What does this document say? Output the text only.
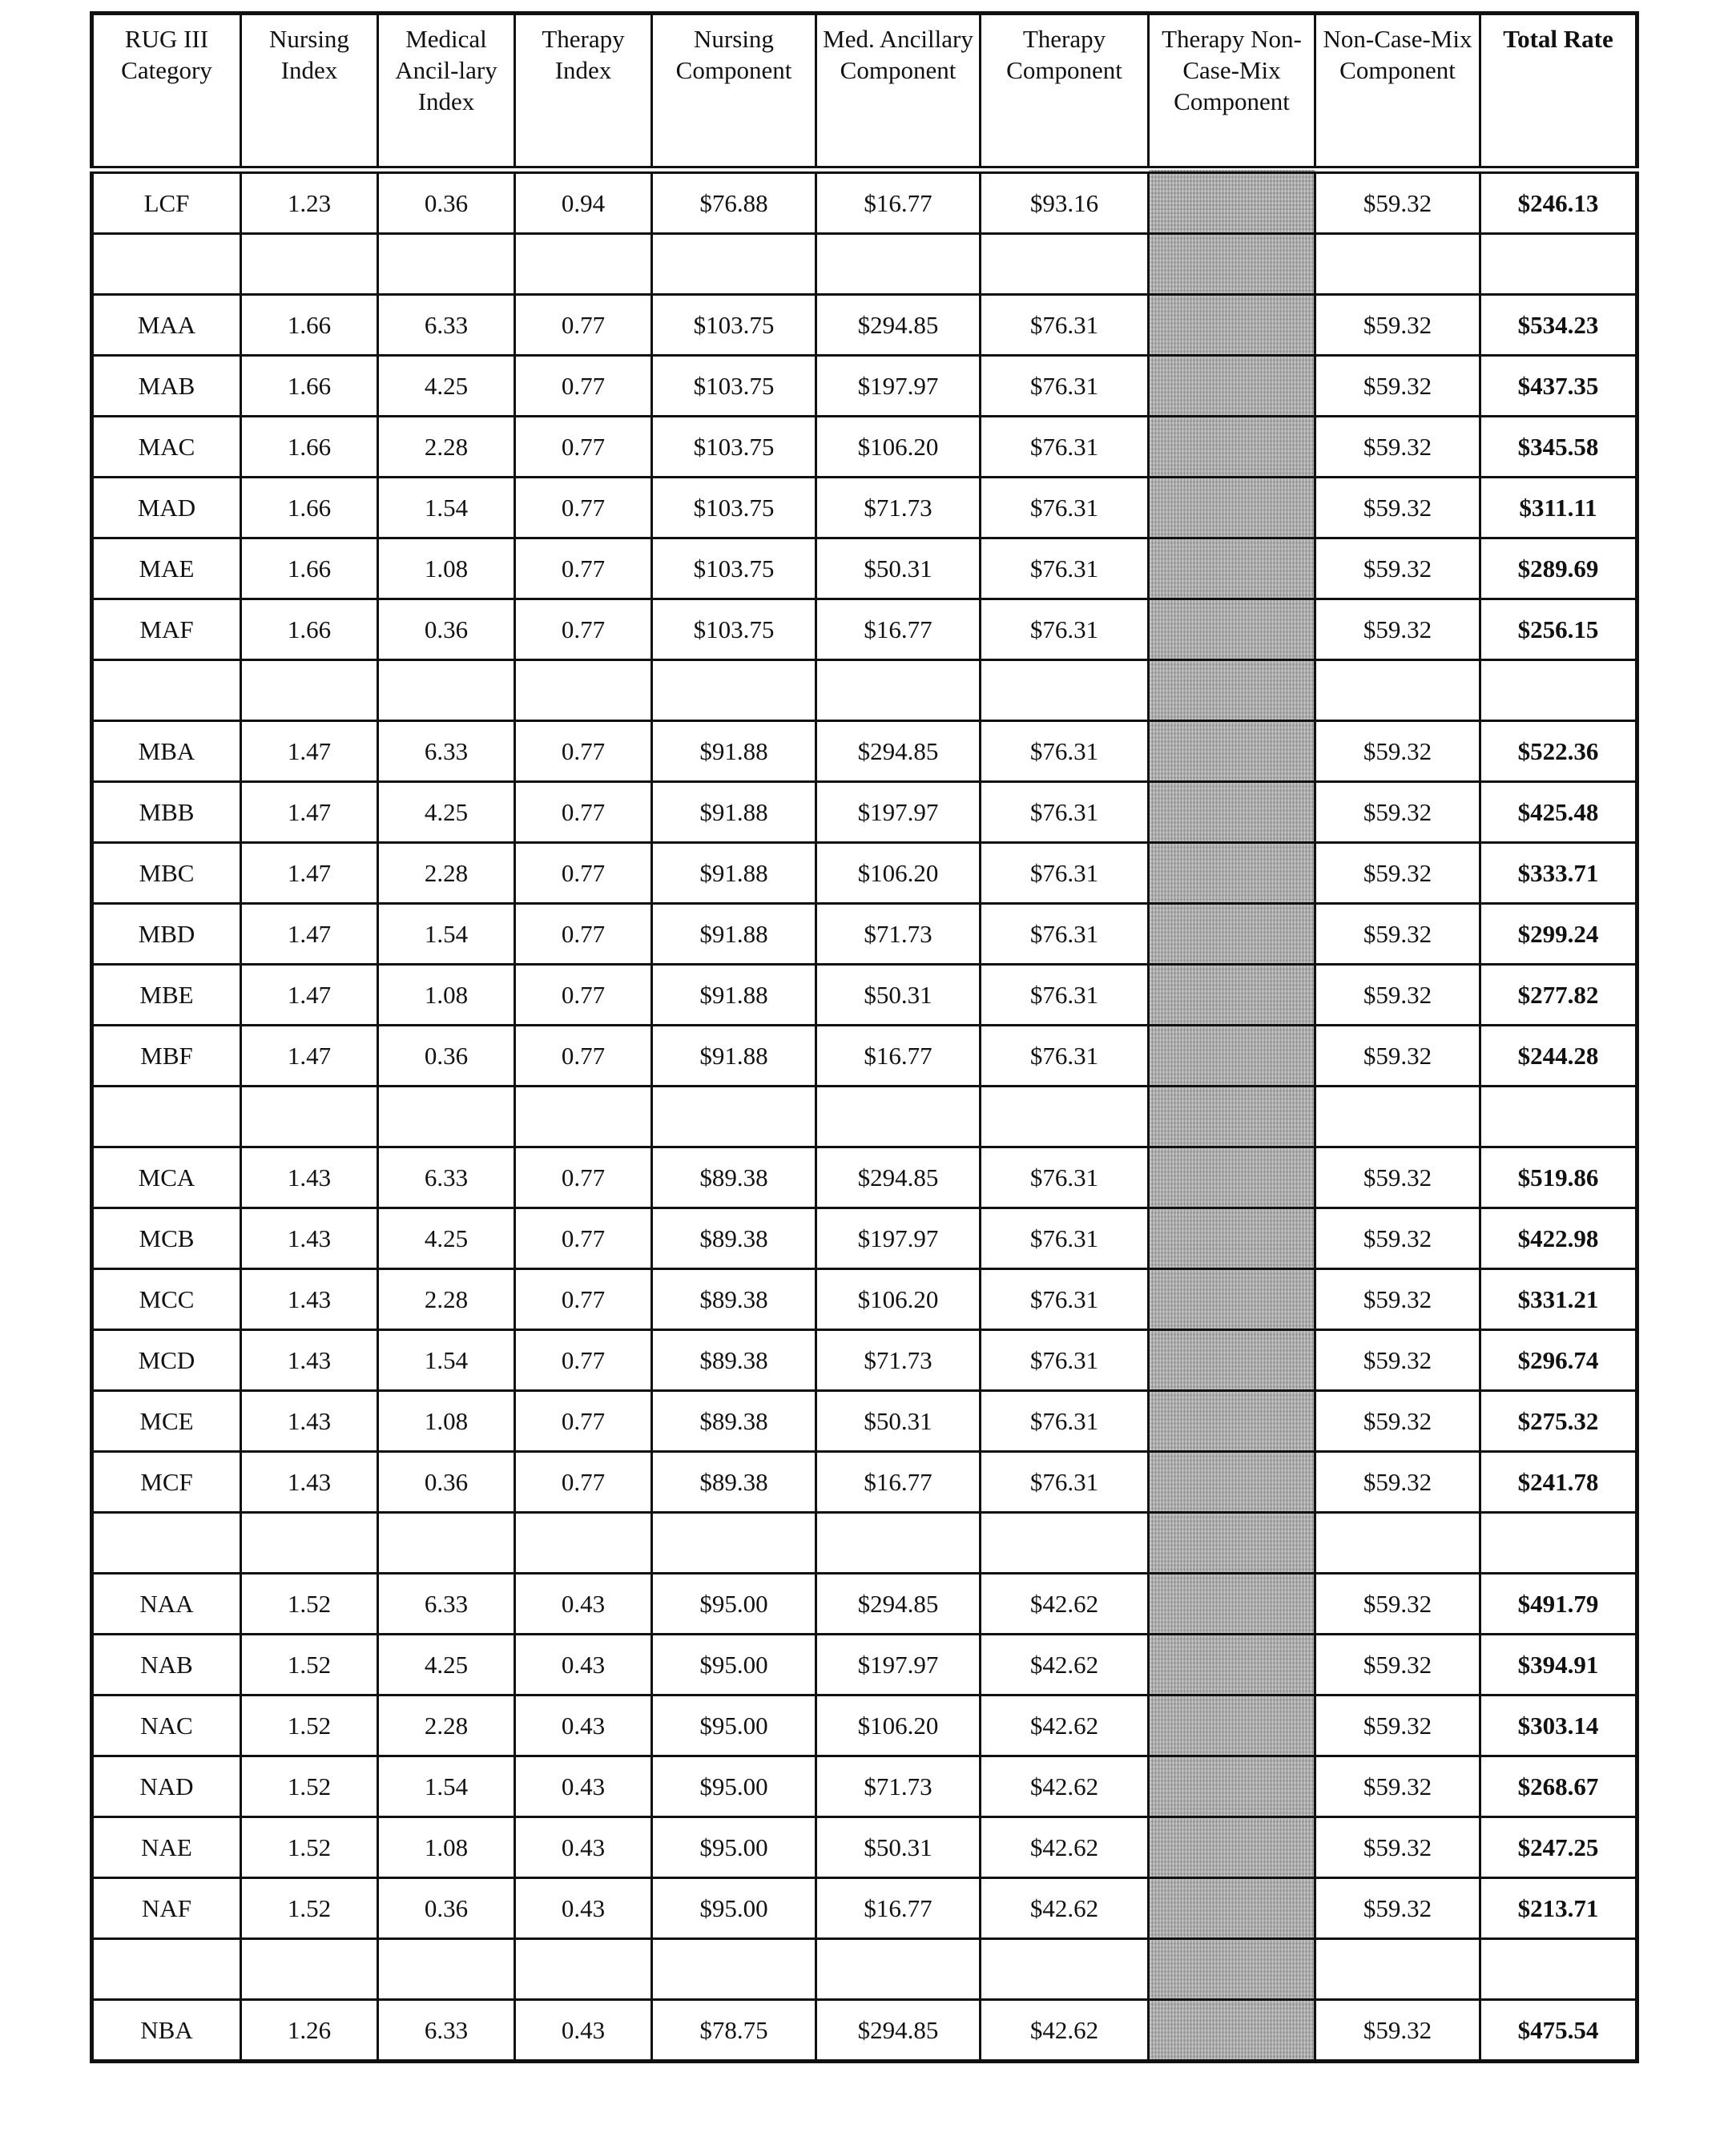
RUG III Category	Nursing Index	Medical Ancil-lary Index	Therapy Index	Nursing Component	Med. Ancillary Component	Therapy Component	Therapy Non-Case-Mix Component	Non-Case-Mix Component	Total Rate
LCF	1.23	0.36	0.94	$76.88	$16.77	$93.16		$59.32	$246.13

MAA	1.66	6.33	0.77	$103.75	$294.85	$76.31		$59.32	$534.23
MAB	1.66	4.25	0.77	$103.75	$197.97	$76.31		$59.32	$437.35
MAC	1.66	2.28	0.77	$103.75	$106.20	$76.31		$59.32	$345.58
MAD	1.66	1.54	0.77	$103.75	$71.73	$76.31		$59.32	$311.11
MAE	1.66	1.08	0.77	$103.75	$50.31	$76.31		$59.32	$289.69
MAF	1.66	0.36	0.77	$103.75	$16.77	$76.31		$59.32	$256.15

MBA	1.47	6.33	0.77	$91.88	$294.85	$76.31		$59.32	$522.36
MBB	1.47	4.25	0.77	$91.88	$197.97	$76.31		$59.32	$425.48
MBC	1.47	2.28	0.77	$91.88	$106.20	$76.31		$59.32	$333.71
MBD	1.47	1.54	0.77	$91.88	$71.73	$76.31		$59.32	$299.24
MBE	1.47	1.08	0.77	$91.88	$50.31	$76.31		$59.32	$277.82
MBF	1.47	0.36	0.77	$91.88	$16.77	$76.31		$59.32	$244.28

MCA	1.43	6.33	0.77	$89.38	$294.85	$76.31		$59.32	$519.86
MCB	1.43	4.25	0.77	$89.38	$197.97	$76.31		$59.32	$422.98
MCC	1.43	2.28	0.77	$89.38	$106.20	$76.31		$59.32	$331.21
MCD	1.43	1.54	0.77	$89.38	$71.73	$76.31		$59.32	$296.74
MCE	1.43	1.08	0.77	$89.38	$50.31	$76.31		$59.32	$275.32
MCF	1.43	0.36	0.77	$89.38	$16.77	$76.31		$59.32	$241.78

NAA	1.52	6.33	0.43	$95.00	$294.85	$42.62		$59.32	$491.79
NAB	1.52	4.25	0.43	$95.00	$197.97	$42.62		$59.32	$394.91
NAC	1.52	2.28	0.43	$95.00	$106.20	$42.62		$59.32	$303.14
NAD	1.52	1.54	0.43	$95.00	$71.73	$42.62		$59.32	$268.67
NAE	1.52	1.08	0.43	$95.00	$50.31	$42.62		$59.32	$247.25
NAF	1.52	0.36	0.43	$95.00	$16.77	$42.62		$59.32	$213.71

NBA	1.26	6.33	0.43	$78.75	$294.85	$42.62		$59.32	$475.54
